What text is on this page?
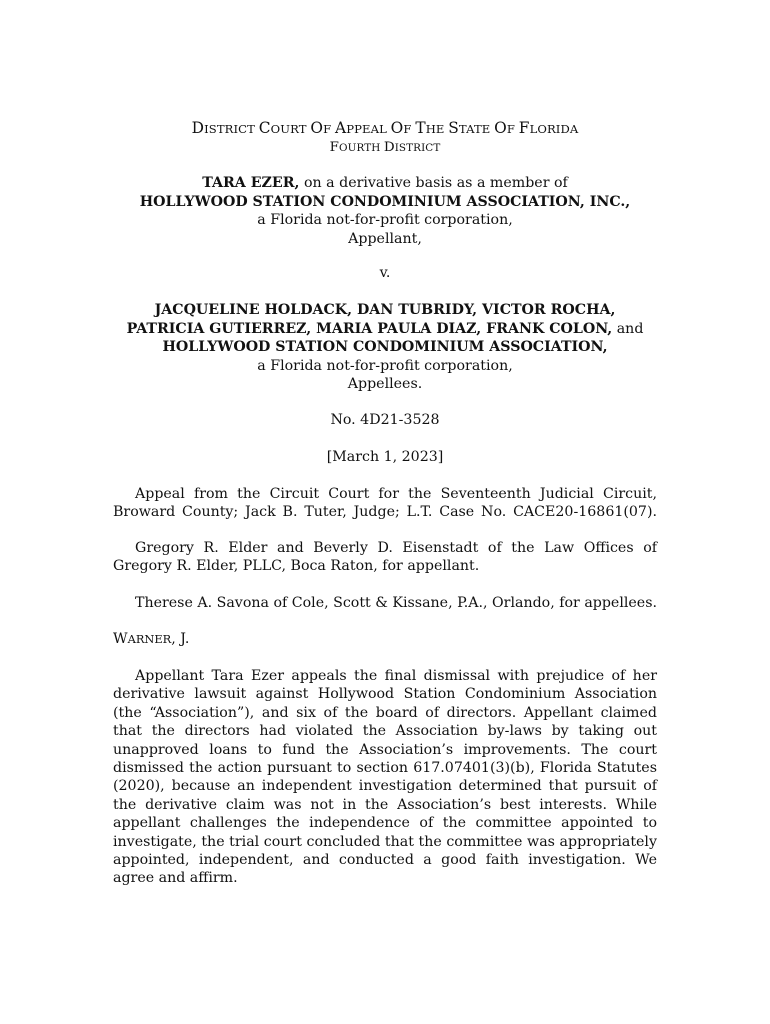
DISTRICT COURT OF APPEAL OF THE STATE OF FLORIDA
FOURTH DISTRICT
TARA EZER, on a derivative basis as a member of
HOLLYWOOD STATION CONDOMINIUM ASSOCIATION, INC.,
a Florida not-for-profit corporation,
Appellant,
v.
JACQUELINE HOLDACK, DAN TUBRIDY, VICTOR ROCHA,
PATRICIA GUTIERREZ, MARIA PAULA DIAZ, FRANK COLON, and
HOLLYWOOD STATION CONDOMINIUM ASSOCIATION,
a Florida not-for-profit corporation,
Appellees.
No. 4D21-3528
[March 1, 2023]

Appeal from the Circuit Court for the Seventeenth Judicial Circuit,

Broward County; Jack B. Tuter, Judge; L.T. Case No. CACE20-16861(07).

Gregory R. Elder and Beverly D. Eisenstadt of the Law Offices of

Gregory R. Elder, PLLC, Boca Raton, for appellant.

Therese A. Savona of Cole, Scott & Kissane, P.A., Orlando, for appellees.

WARNER, J.

Appellant Tara Ezer appeals the final dismissal with prejudice of her

derivative lawsuit against Hollywood Station Condominium Association

(the “Association”), and six of the board of directors. Appellant claimed

that the directors had violated the Association by-laws by taking out

unapproved loans to fund the Association’s improvements. The court

dismissed the action pursuant to section 617.07401(3)(b), Florida Statutes

(2020), because an independent investigation determined that pursuit of

the derivative claim was not in the Association’s best interests. While

appellant challenges the independence of the committee appointed to

investigate, the trial court concluded that the committee was appropriately

appointed, independent, and conducted a good faith investigation. We

agree and affirm.
